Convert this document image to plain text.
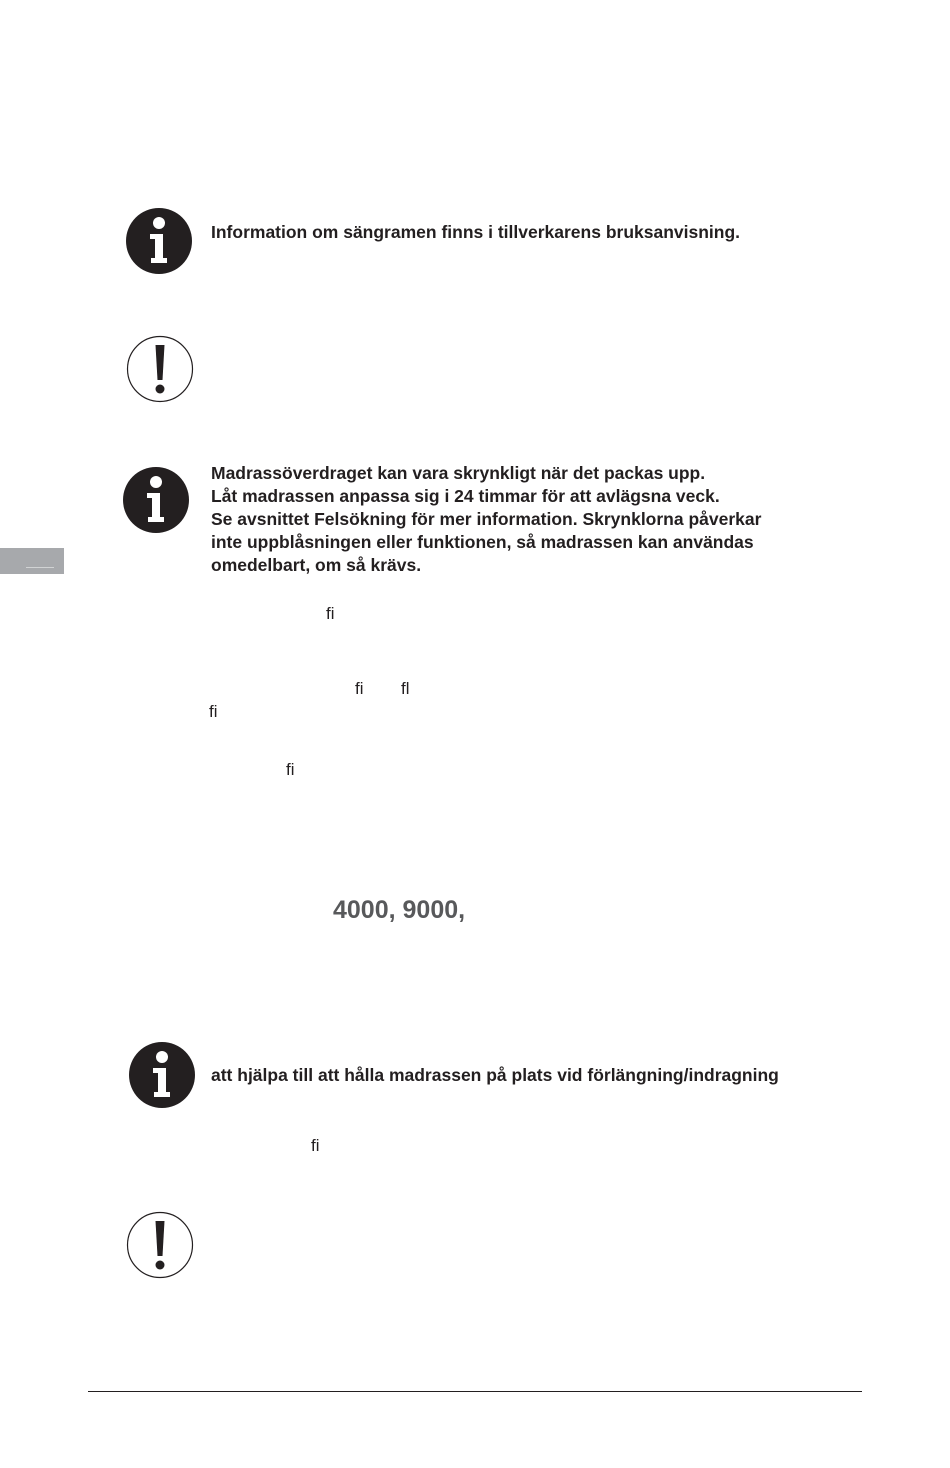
Information om sängramen finns i tillverkarens bruksanvisning.
Madrassöverdraget kan vara skrynkligt när det packas upp.
Låt madrassen anpassa sig i 24 timmar för att avlägsna veck.
Se avsnittet Felsökning för mer information. Skrynklorna påverkar
inte uppblåsningen eller funktionen, så madrassen kan användas
omedelbart, om så krävs.
ﬁ
ﬁ ﬂ
ﬁ
ﬁ
4000, 9000,
att hjälpa till att hålla madrassen på plats vid förlängning/indragning
ﬁ
